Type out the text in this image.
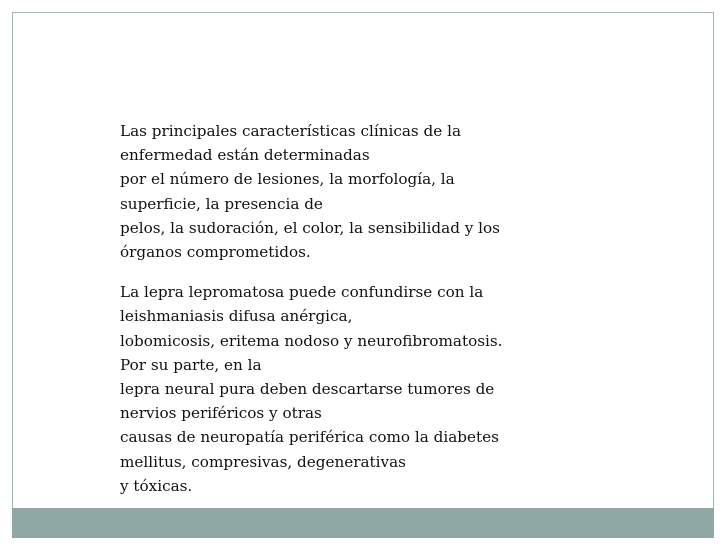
Las principales características clínicas de la
enfermedad están determinadas
por el número de lesiones, la morfología, la
superficie, la presencia de
pelos, la sudoración, el color, la sensibilidad y los
órganos comprometidos.

La lepra lepromatosa puede confundirse con la
leishmaniasis difusa anérgica,
lobomicosis, eritema nodoso y neurofibromatosis.
Por su parte, en la
lepra neural pura deben descartarse tumores de
nervios periféricos y otras
causas de neuropatía periférica como la diabetes
mellitus, compresivas, degenerativas
y tóxicas.
